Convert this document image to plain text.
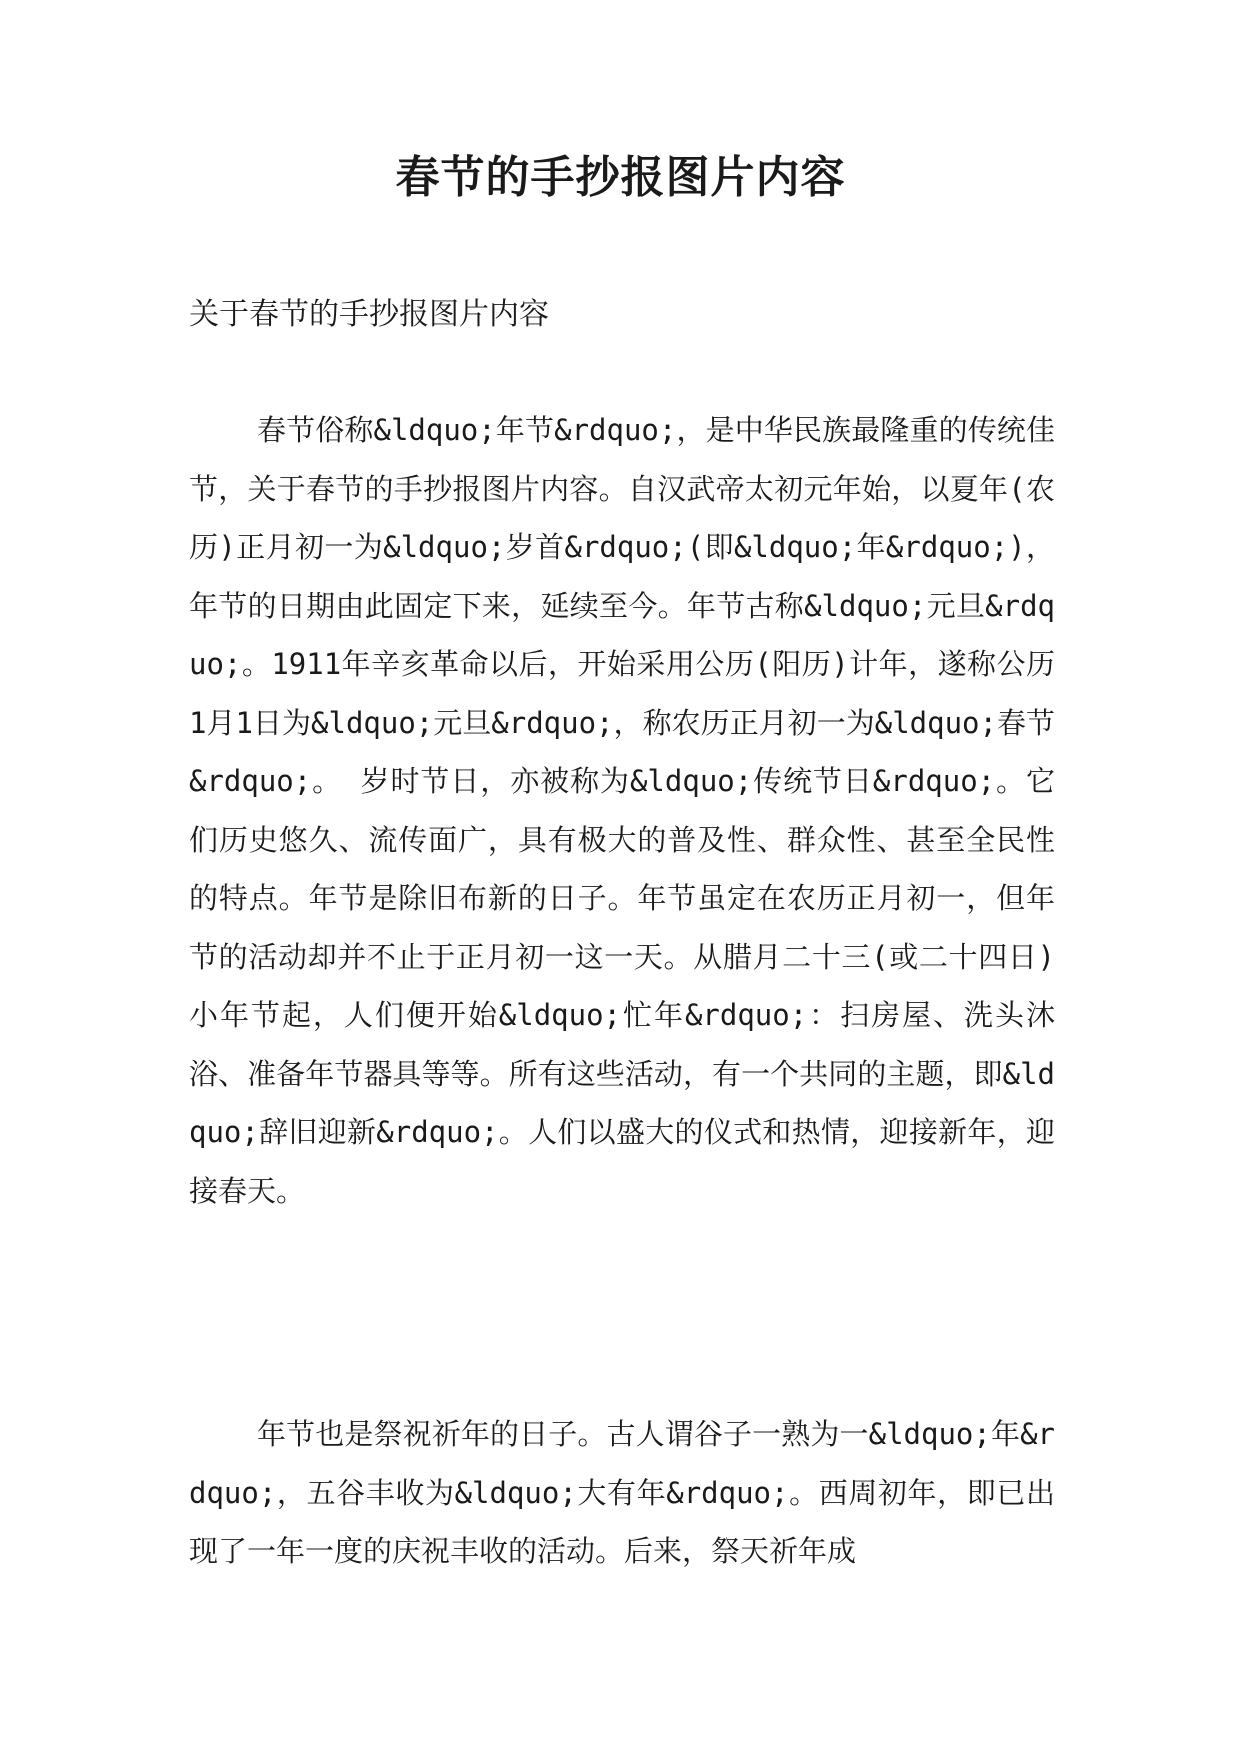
春节的手抄报图片内容

关于春节的手抄报图片内容

春节俗称&ldquo;年节&rdquo;，是中华民族最隆重的传统佳节，关于春节的手抄报图片内容。自汉武帝太初元年始，以夏年(农历)正月初一为&ldquo;岁首&rdquo;(即&ldquo;年&rdquo;)，年节的日期由此固定下来，延续至今。年节古称&ldquo;元旦&rdquo;。1911年辛亥革命以后，开始采用公历(阳历)计年，遂称公历1月1日为&ldquo;元旦&rdquo;，称农历正月初一为&ldquo;春节&rdquo;。 岁时节日，亦被称为&ldquo;传统节日&rdquo;。它们历史悠久、流传面广，具有极大的普及性、群众性、甚至全民性的特点。年节是除旧布新的日子。年节虽定在农历正月初一，但年节的活动却并不止于正月初一这一天。从腊月二十三(或二十四日)小年节起，人们便开始&ldquo;忙年&rdquo;：扫房屋、洗头沐浴、准备年节器具等等。所有这些活动，有一个共同的主题，即&ldquo;辞旧迎新&rdquo;。人们以盛大的仪式和热情，迎接新年，迎接春天。

年节也是祭祝祈年的日子。古人谓谷子一熟为一&ldquo;年&rdquo;，五谷丰收为&ldquo;大有年&rdquo;。西周初年，即已出现了一年一度的庆祝丰收的活动。后来，祭天祈年成
